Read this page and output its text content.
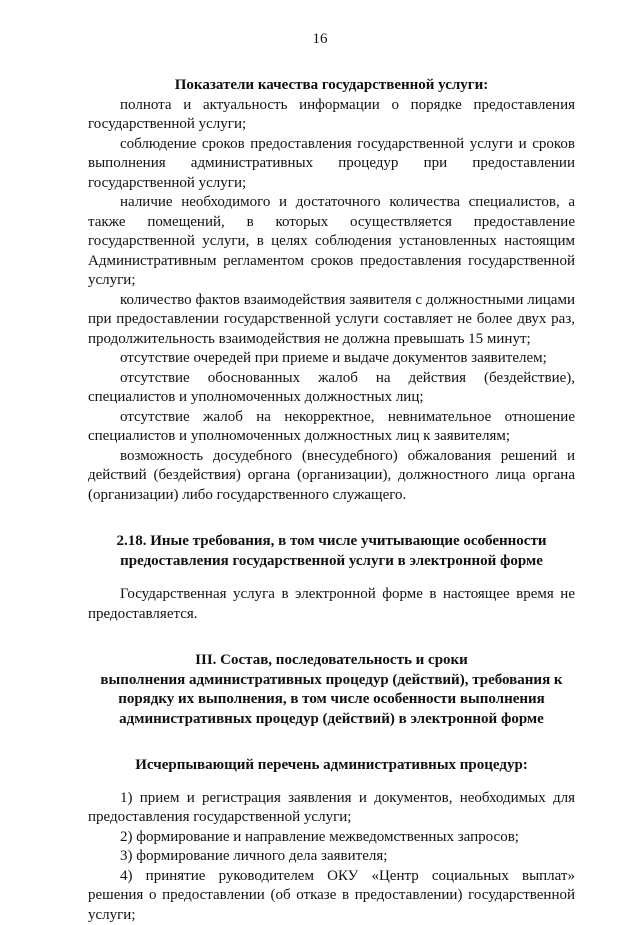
16

Показатели качества государственной услуги:

полнота и актуальность информации о порядке предоставления государственной услуги;

соблюдение сроков предоставления государственной услуги и сроков выполнения административных процедур при предоставлении государственной услуги;

наличие необходимого и достаточного количества специалистов, а также помещений, в которых осуществляется предоставление государственной услуги, в целях соблюдения установленных настоящим Административным регламентом сроков предоставления государственной услуги;

количество фактов взаимодействия заявителя с должностными лицами при предоставлении государственной услуги составляет не более двух раз, продолжительность взаимодействия не должна превышать 15 минут;

отсутствие очередей при приеме и выдаче документов заявителем;

отсутствие обоснованных жалоб на действия (бездействие), специалистов и уполномоченных должностных лиц;

отсутствие жалоб на некорректное, невнимательное отношение специалистов и уполномоченных должностных лиц к заявителям;

возможность досудебного (внесудебного) обжалования решений и действий (бездействия) органа (организации), должностного лица органа (организации) либо государственного служащего.

2.18. Иные требования, в том числе учитывающие особенности

предоставления государственной услуги в электронной форме

Государственная услуга в электронной форме в настоящее время не предоставляется.

III. Состав, последовательность и сроки

выполнения административных процедур (действий), требования к

порядку их выполнения, в том числе особенности выполнения

административных процедур (действий) в электронной форме

Исчерпывающий перечень административных процедур:

1) прием и регистрация заявления и документов, необходимых для предоставления государственной услуги;

2) формирование и направление межведомственных запросов;

3) формирование личного дела заявителя;

4) принятие руководителем ОКУ «Центр социальных выплат» решения о предоставлении (об отказе в предоставлении) государственной услуги;
